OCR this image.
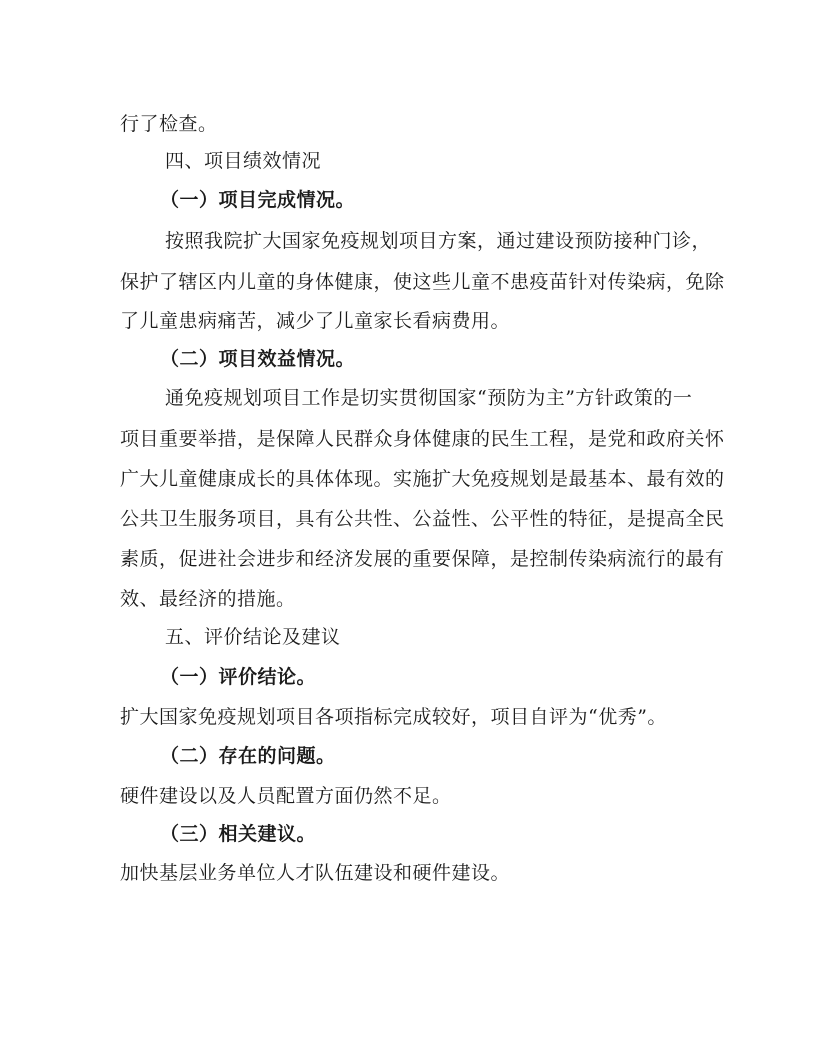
行了检查。
四、项目绩效情况
（一）项目完成情况。
按照我院扩大国家免疫规划项目方案，通过建设预防接种门诊，
保护了辖区内儿童的身体健康，使这些儿童不患疫苗针对传染病，免除
了儿童患病痛苦，减少了儿童家长看病费用。
（二）项目效益情况。
通免疫规划项目工作是切实贯彻国家“预防为主”方针政策的一
项目重要举措，是保障人民群众身体健康的民生工程，是党和政府关怀
广大儿童健康成长的具体体现。实施扩大免疫规划是最基本、最有效的
公共卫生服务项目，具有公共性、公益性、公平性的特征，是提高全民
素质，促进社会进步和经济发展的重要保障，是控制传染病流行的最有
效、最经济的措施。
五、评价结论及建议
（一）评价结论。
扩大国家免疫规划项目各项指标完成较好，项目自评为“优秀”。
（二）存在的问题。
硬件建设以及人员配置方面仍然不足。
（三）相关建议。
加快基层业务单位人才队伍建设和硬件建设。
